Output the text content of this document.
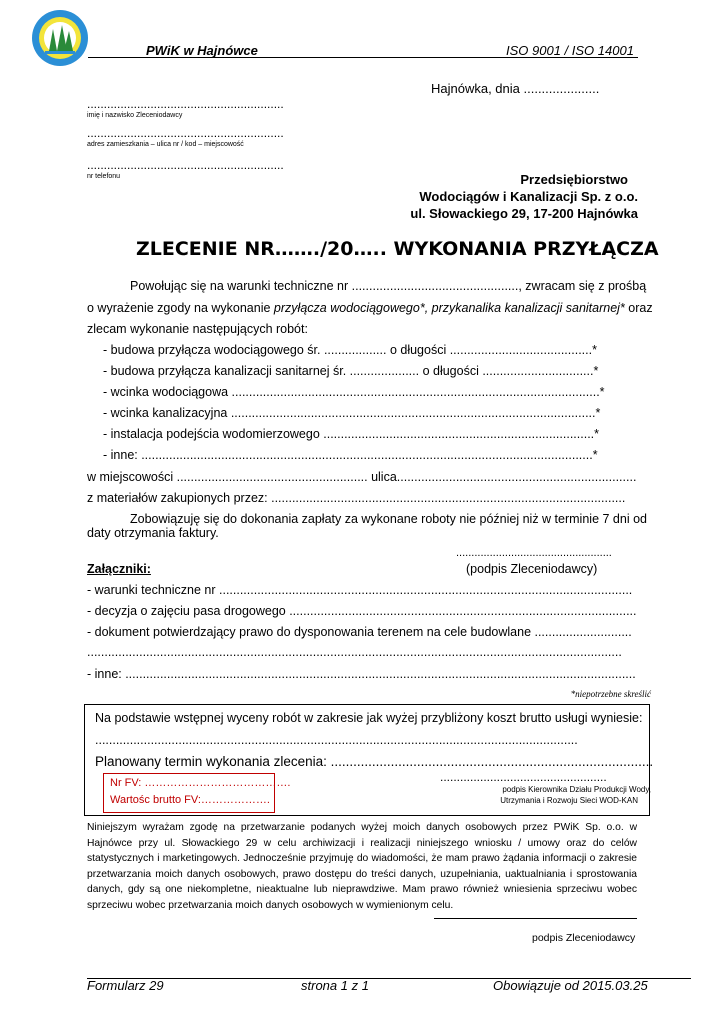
PWiK w Hajnówce	ISO 9001 / ISO 14001
Hajnówka, dnia .....................
...........................................................
imię i nazwisko Zleceniodawcy
...........................................................
adres zamieszkania – ulica nr / kod – miejscowość
...........................................................
nr telefonu	Przedsiębiorstwo
Wodociągów i Kanalizacji Sp. z o.o.
ul. Słowackiego 29, 17-200 Hajnówka
ZLECENIE NR……./20….. WYKONANIA PRZYŁĄCZA
Powołując się na warunki techniczne nr ................................................, zwracam się z prośbą
o wyrażenie zgody na wykonanie przyłącza wodociągowego*, przykanalika kanalizacji sanitarnej* oraz
zlecam wykonanie następujących robót:
- budowa przyłącza wodociągowego śr. .................. o długości .........................................*
- budowa przyłącza kanalizacji sanitarnej śr. .................... o długości ................................*
- wcinka wodociągowa ..........................................................................................................*
- wcinka kanalizacyjna .........................................................................................................*
- instalacja podejścia wodomierzowego ..............................................................................*
- inne: ..................................................................................................................................*
w miejscowości ....................................................... ulica.....................................................................
z materiałów zakupionych przez: ......................................................................................................
Zobowiązuję się do dokonania zapłaty za wykonane roboty nie później niż w terminie 7 dni od
daty otrzymania faktury.
...................................................
(podpis Zleceniodawcy)
Załączniki:
- warunki techniczne nr .......................................................................................................................
- decyzja o zajęciu pasa drogowego ....................................................................................................
- dokument potwierdzający prawo do dysponowania terenem na cele budowlane ............................
..........................................................................................................................................................
- inne: ...................................................................................................................................................
*niepotrzebne skreślić
Na podstawie wstępnej wyceny robót w zakresie jak wyżej przybliżony koszt brutto usługi wyniesie:
...........................................................................................................................................
Planowany termin wykonania zlecenia: ......................................................................................
..................................................
podpis Kierownika Działu Produkcji Wody,
Utrzymania i Rozwoju Sieci WOD-KAN
Nr FV: ………………………………….
Wartośc brutto FV:……………….
Niniejszym wyrażam zgodę na przetwarzanie podanych wyżej moich danych osobowych przez PWiK Sp. o.o. w Hajnówce przy ul. Słowackiego 29 w celu archiwizacji i realizacji niniejszego wniosku / umowy oraz do celów statystycznych i marketingowych. Jednocześnie przyjmuję do wiadomości, że mam prawo żądania informacji o zakresie przetwarzania moich danych osobowych, prawo dostępu do treści danych, uzupełniania, uaktualniania i sprostowania danych, gdy są one niekompletne, nieaktualne lub nieprawdziwe. Mam prawo również wniesienia sprzeciwu wobec sprzeciwu wobec przetwarzania moich danych osobowych w wymienionym celu.
podpis Zleceniodawcy
Formularz 29	strona 1 z 1	Obowiązuje od 2015.03.25
